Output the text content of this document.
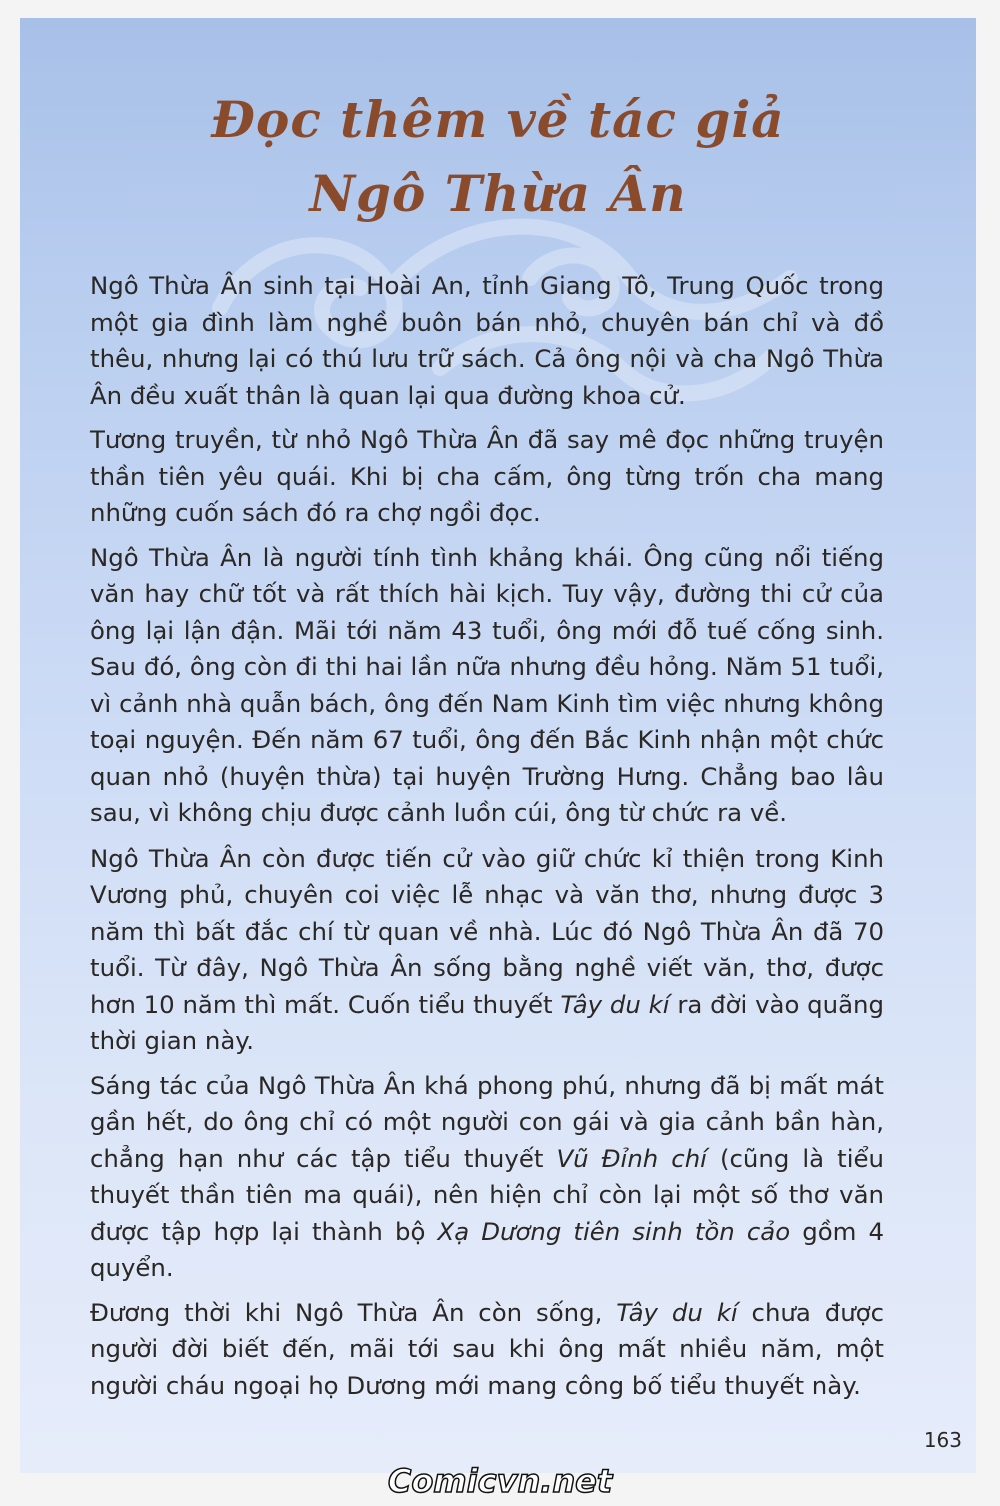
Đọc thêm về tác giả
Ngô Thừa Ân

Ngô Thừa Ân sinh tại Hoài An, tỉnh Giang Tô, Trung Quốc trong một gia đình làm nghề buôn bán nhỏ, chuyên bán chỉ và đồ thêu, nhưng lại có thú lưu trữ sách. Cả ông nội và cha Ngô Thừa Ân đều xuất thân là quan lại qua đường khoa cử.

Tương truyền, từ nhỏ Ngô Thừa Ân đã say mê đọc những truyện thần tiên yêu quái. Khi bị cha cấm, ông từng trốn cha mang những cuốn sách đó ra chợ ngồi đọc.

Ngô Thừa Ân là người tính tình khảng khái. Ông cũng nổi tiếng văn hay chữ tốt và rất thích hài kịch. Tuy vậy, đường thi cử của ông lại lận đận. Mãi tới năm 43 tuổi, ông mới đỗ tuế cống sinh. Sau đó, ông còn đi thi hai lần nữa nhưng đều hỏng. Năm 51 tuổi, vì cảnh nhà quẫn bách, ông đến Nam Kinh tìm việc nhưng không toại nguyện. Đến năm 67 tuổi, ông đến Bắc Kinh nhận một chức quan nhỏ (huyện thừa) tại huyện Trường Hưng. Chẳng bao lâu sau, vì không chịu được cảnh luồn cúi, ông từ chức ra về.

Ngô Thừa Ân còn được tiến cử vào giữ chức kỉ thiện trong Kinh Vương phủ, chuyên coi việc lễ nhạc và văn thơ, nhưng được 3 năm thì bất đắc chí từ quan về nhà. Lúc đó Ngô Thừa Ân đã 70 tuổi. Từ đây, Ngô Thừa Ân sống bằng nghề viết văn, thơ, được hơn 10 năm thì mất. Cuốn tiểu thuyết Tây du kí ra đời vào quãng thời gian này.

Sáng tác của Ngô Thừa Ân khá phong phú, nhưng đã bị mất mát gần hết, do ông chỉ có một người con gái và gia cảnh bần hàn, chẳng hạn như các tập tiểu thuyết Vũ Đỉnh chí (cũng là tiểu thuyết thần tiên ma quái), nên hiện chỉ còn lại một số thơ văn được tập hợp lại thành bộ Xạ Dương tiên sinh tồn cảo gồm 4 quyển.

Đương thời khi Ngô Thừa Ân còn sống, Tây du kí chưa được người đời biết đến, mãi tới sau khi ông mất nhiều năm, một người cháu ngoại họ Dương mới mang công bố tiểu thuyết này.

163
Comicvn.net
